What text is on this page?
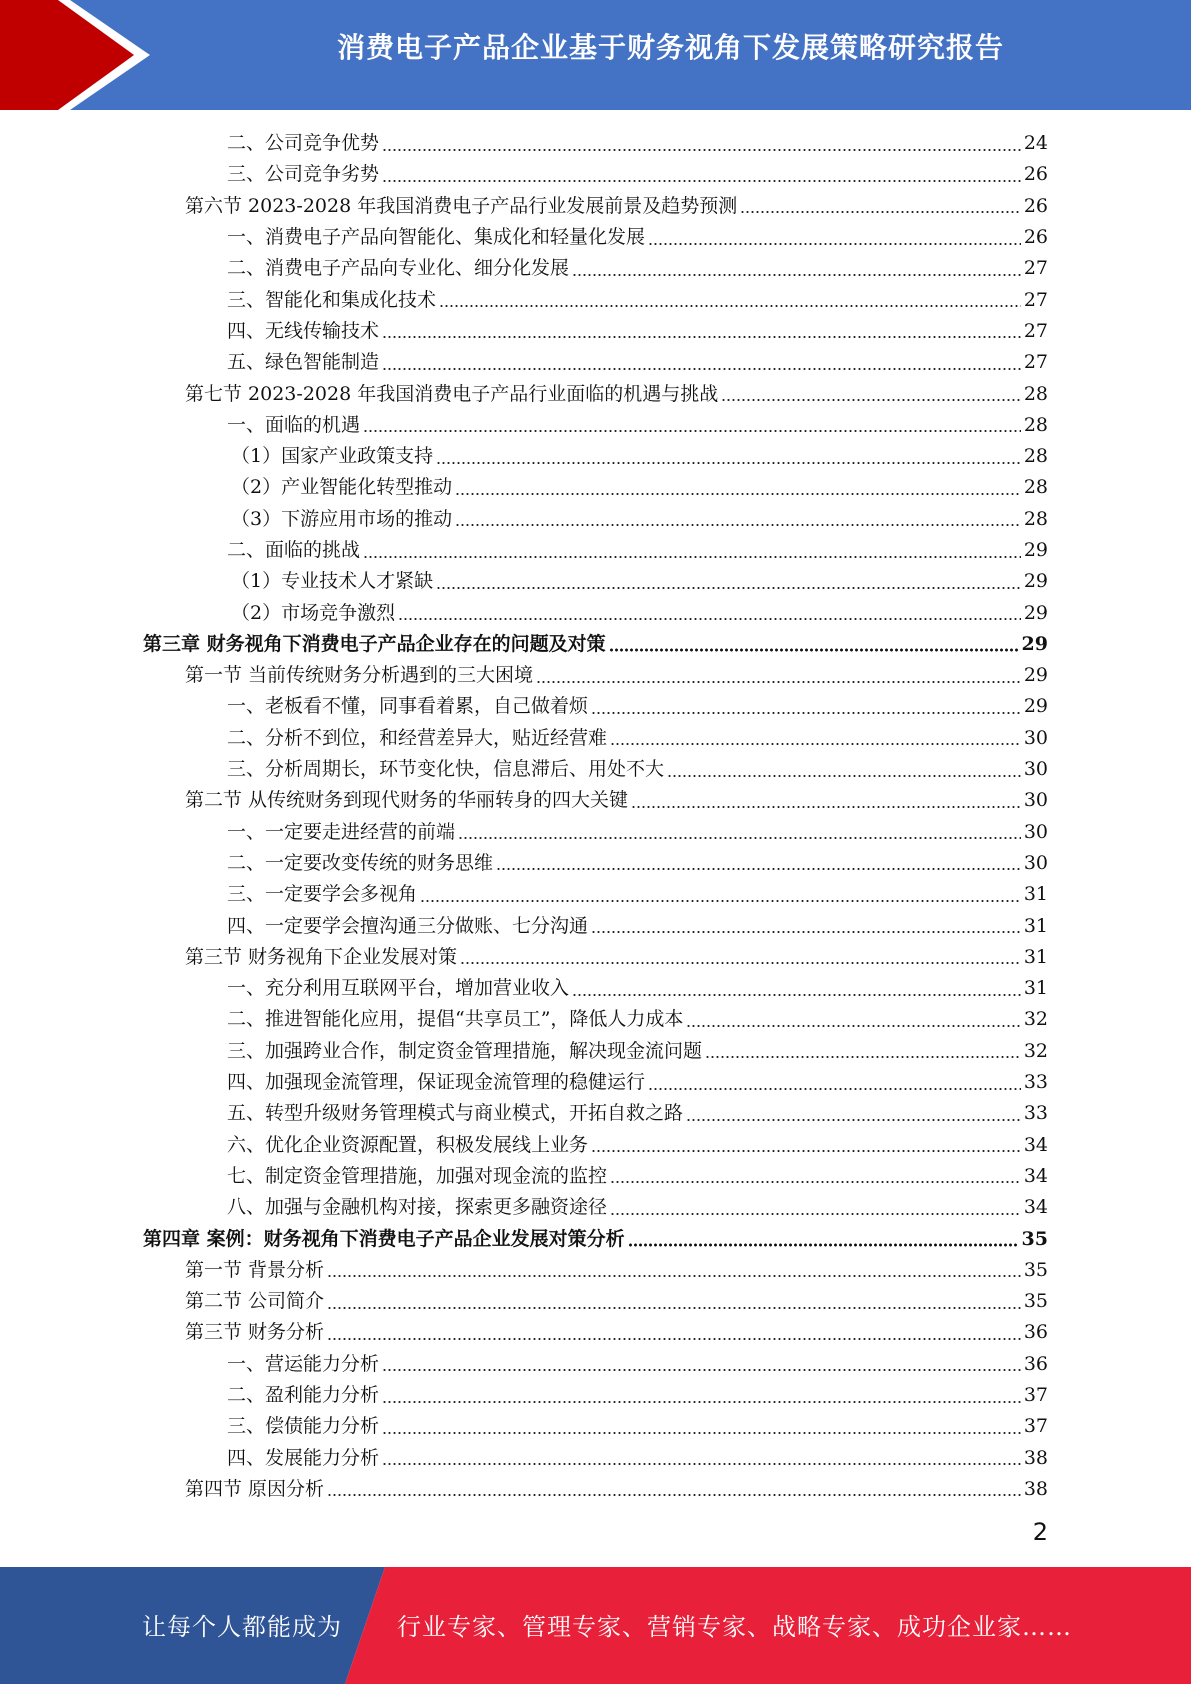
消费电子产品企业基于财务视角下发展策略研究报告
二、公司竞争优势	24
三、公司竞争劣势	26
第六节 2023-2028 年我国消费电子产品行业发展前景及趋势预测	26
一、消费电子产品向智能化、集成化和轻量化发展	26
二、消费电子产品向专业化、细分化发展	27
三、智能化和集成化技术	27
四、无线传输技术	27
五、绿色智能制造	27
第七节 2023-2028 年我国消费电子产品行业面临的机遇与挑战	28
一、面临的机遇	28
（1）国家产业政策支持	28
（2）产业智能化转型推动	28
（3）下游应用市场的推动	28
二、面临的挑战	29
（1）专业技术人才紧缺	29
（2）市场竞争激烈	29
第三章 财务视角下消费电子产品企业存在的问题及对策	29
第一节 当前传统财务分析遇到的三大困境	29
一、老板看不懂，同事看着累，自己做着烦	29
二、分析不到位，和经营差异大，贴近经营难	30
三、分析周期长，环节变化快，信息滞后、用处不大	30
第二节 从传统财务到现代财务的华丽转身的四大关键	30
一、一定要走进经营的前端	30
二、一定要改变传统的财务思维	30
三、一定要学会多视角	31
四、一定要学会擅沟通三分做账、七分沟通	31
第三节 财务视角下企业发展对策	31
一、充分利用互联网平台，增加营业收入	31
二、推进智能化应用，提倡“共享员工”，降低人力成本	32
三、加强跨业合作，制定资金管理措施，解决现金流问题	32
四、加强现金流管理，保证现金流管理的稳健运行	33
五、转型升级财务管理模式与商业模式，开拓自救之路	33
六、优化企业资源配置，积极发展线上业务	34
七、制定资金管理措施，加强对现金流的监控	34
八、加强与金融机构对接，探索更多融资途径	34
第四章 案例：财务视角下消费电子产品企业发展对策分析	35
第一节 背景分析	35
第二节 公司简介	35
第三节 财务分析	36
一、营运能力分析	36
二、盈利能力分析	37
三、偿债能力分析	37
四、发展能力分析	38
第四节 原因分析	38
2
让每个人都能成为 行业专家、管理专家、营销专家、战略专家、成功企业家……
